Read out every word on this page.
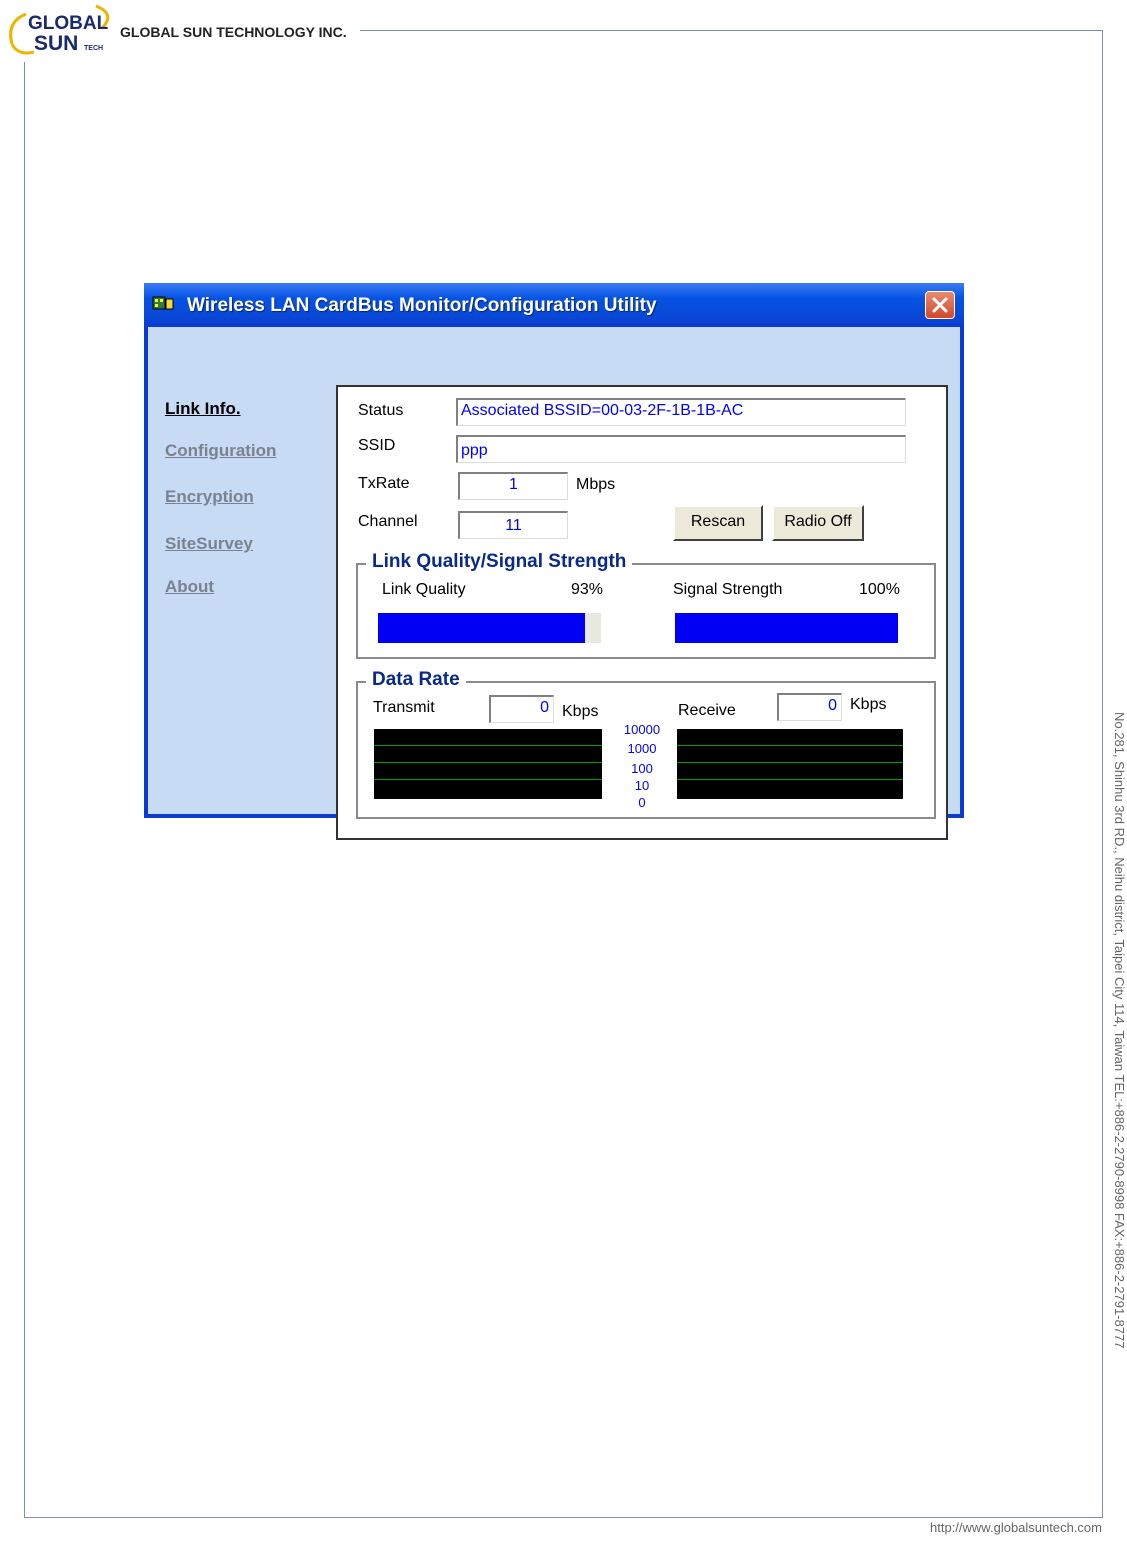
GLOBAL
SUN TECH
GLOBAL SUN TECHNOLOGY INC.
No.281, Shinhu 3rd RD., Neihu district, Taipei City 114, Taiwan TEL:+886-2-2790-8998 FAX:+886-2-2791-8777
http://www.globalsuntech.com
Wireless LAN CardBus Monitor/Configuration Utility
Link Info.
Configuration
Encryption
SiteSurvey
About
Status	Associated BSSID=00-03-2F-1B-1B-AC
SSID	ppp
TxRate	1	Mbps
Channel	11	Rescan	Radio Off
Link Quality/Signal Strength
Link Quality	93%	Signal Strength	100%
Data Rate
Transmit	0 Kbps	Receive	0 Kbps
10000
1000
100
10
0
